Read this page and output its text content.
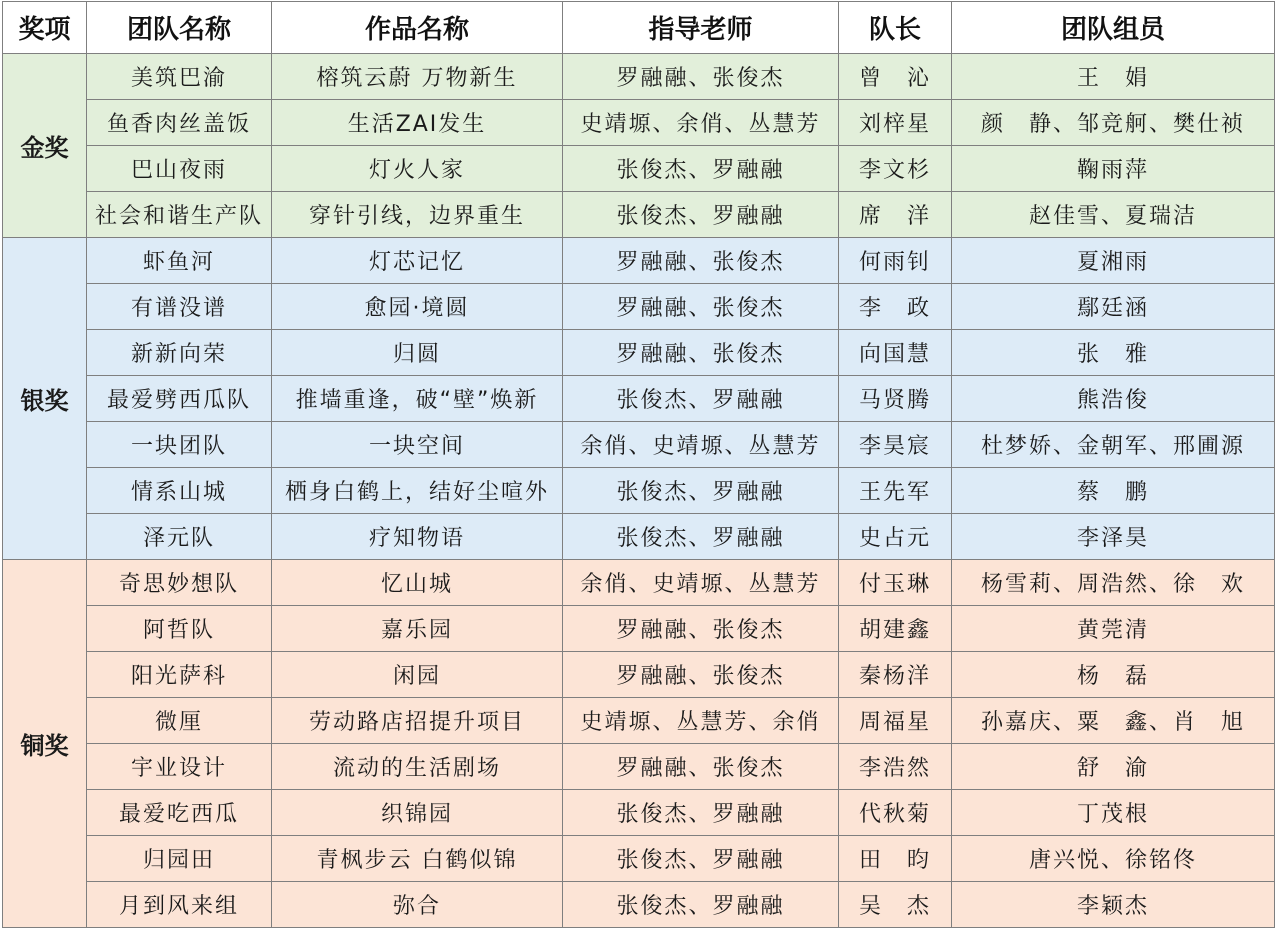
奖项	团队名称	作品名称	指导老师	队长	团队组员
金奖	美筑巴渝	榕筑云蔚 万物新生	罗融融、张俊杰	曾　沁	王　娟
	鱼香肉丝盖饭	生活ZAI发生	史靖塬、余俏、丛慧芳	刘梓星	颜　静、邹竞舸、樊仕祯
	巴山夜雨	灯火人家	张俊杰、罗融融	李文杉	鞠雨萍
	社会和谐生产队	穿针引线，边界重生	张俊杰、罗融融	席　洋	赵佳雪、夏瑞洁
银奖	虾鱼河	灯芯记忆	罗融融、张俊杰	何雨钊	夏湘雨
	有谱没谱	愈园·境圆	罗融融、张俊杰	李　政	鄢廷涵
	新新向荣	归圆	罗融融、张俊杰	向国慧	张　雅
	最爱劈西瓜队	推墙重逢，破“壁”焕新	张俊杰、罗融融	马贤腾	熊浩俊
	一块团队	一块空间	余俏、史靖塬、丛慧芳	李昊宸	杜梦娇、金朝军、邢圃源
	情系山城	栖身白鹤上，结好尘喧外	张俊杰、罗融融	王先军	蔡　鹏
	泽元队	疗知物语	张俊杰、罗融融	史占元	李泽昊
铜奖	奇思妙想队	忆山城	余俏、史靖塬、丛慧芳	付玉琳	杨雪莉、周浩然、徐　欢
	阿哲队	嘉乐园	罗融融、张俊杰	胡建鑫	黄莞清
	阳光萨科	闲园	罗融融、张俊杰	秦杨洋	杨　磊
	微厘	劳动路店招提升项目	史靖塬、丛慧芳、余俏	周福星	孙嘉庆、粟　鑫、肖　旭
	宇业设计	流动的生活剧场	罗融融、张俊杰	李浩然	舒　渝
	最爱吃西瓜	织锦园	张俊杰、罗融融	代秋菊	丁茂根
	归园田	青枫步云 白鹤似锦	张俊杰、罗融融	田　昀	唐兴悦、徐铭佟
	月到风来组	弥合	张俊杰、罗融融	吴　杰	李颖杰
